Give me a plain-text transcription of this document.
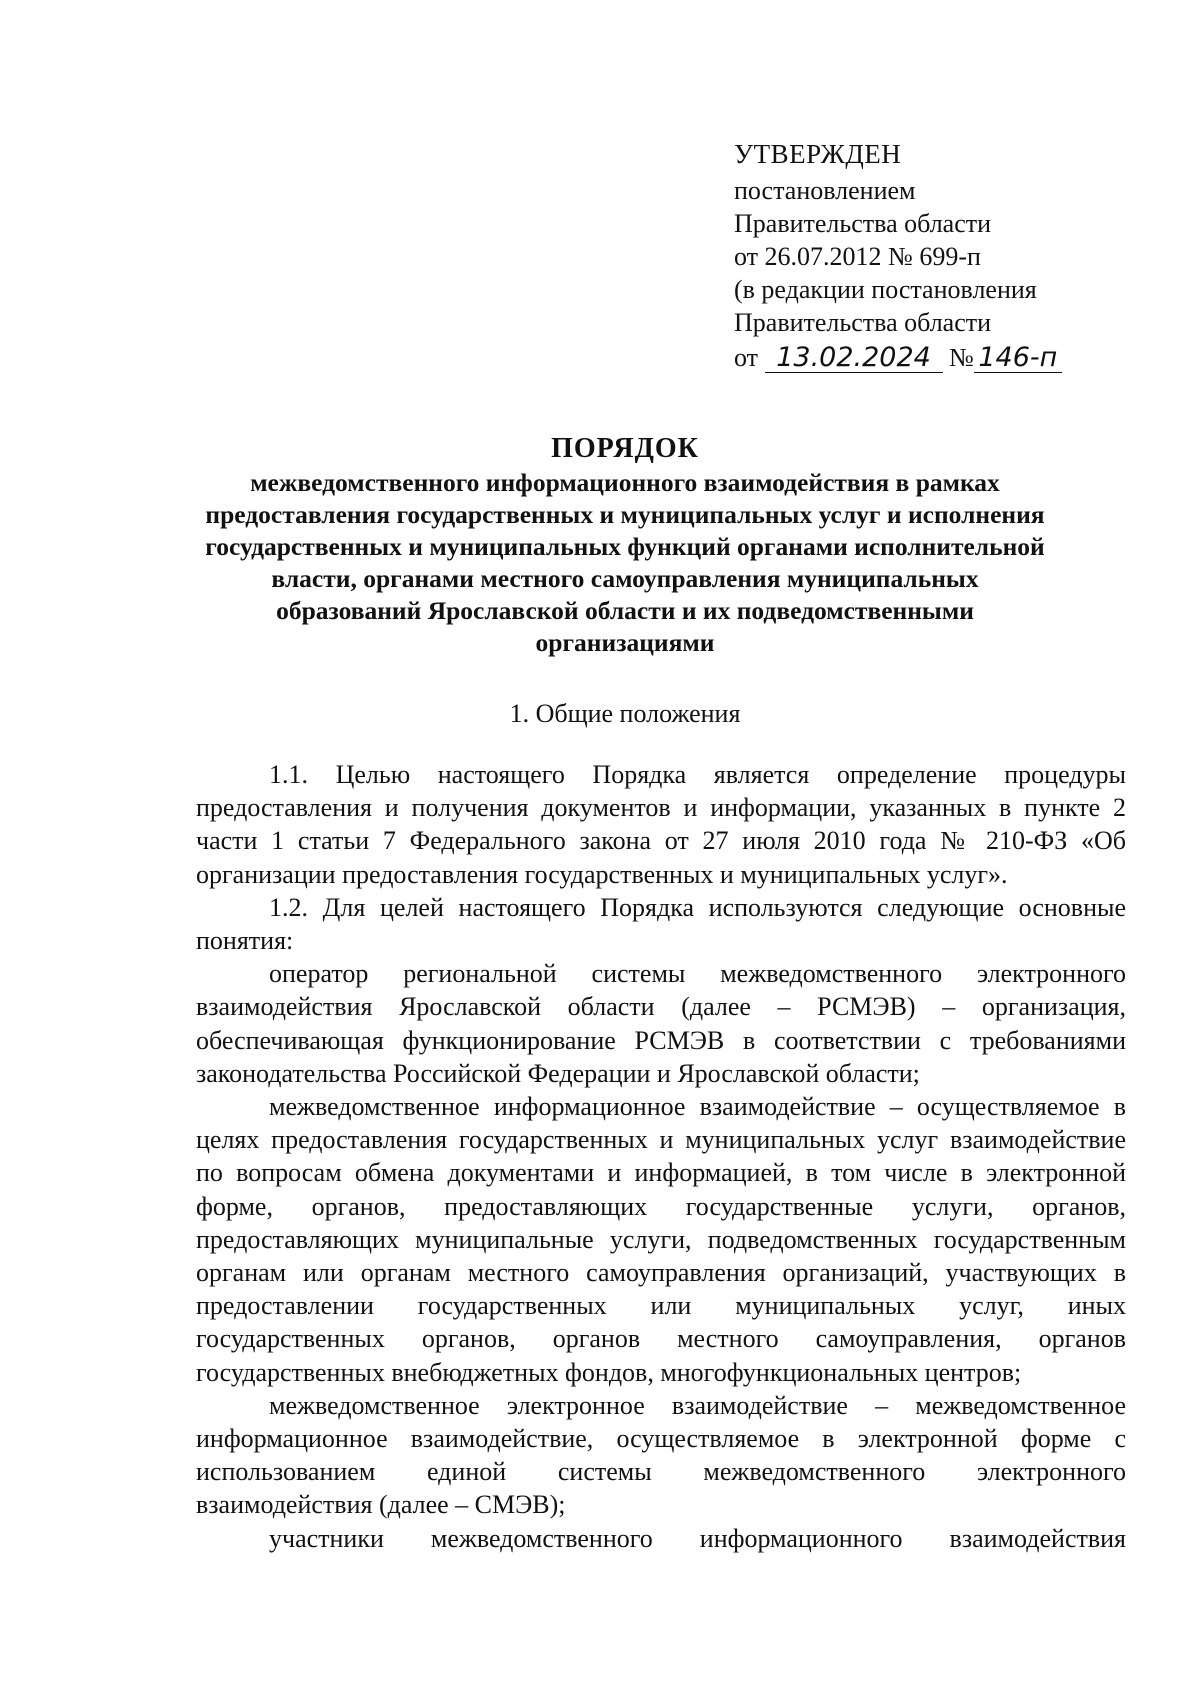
УТВЕРЖДЕН
постановлением
Правительства области
от 26.07.2012 № 699-п
(в редакции постановления
Правительства области
от 13.02.2024 № 146-п
ПОРЯДОК
межведомственного информационного взаимодействия в рамках
предоставления государственных и муниципальных услуг и исполнения
государственных и муниципальных функций органами исполнительной
власти, органами местного самоуправления муниципальных
образований Ярославской области и их подведомственными
организациями
1. Общие положения

1.1. Целью настоящего Порядка является определение процедуры предоставления и получения документов и информации, указанных в пункте 2 части 1 статьи 7 Федерального закона от 27 июля 2010 года № 210-ФЗ «Об организации предоставления государственных и муниципальных услуг».

1.2. Для целей настоящего Порядка используются следующие основные понятия:

оператор региональной системы межведомственного электронного взаимодействия Ярославской области (далее – РСМЭВ) – организация, обеспечивающая функционирование РСМЭВ в соответствии с требованиями законодательства Российской Федерации и Ярославской области;

межведомственное информационное взаимодействие – осуществляемое в целях предоставления государственных и муниципальных услуг взаимодействие по вопросам обмена документами и информацией, в том числе в электронной форме, органов, предоставляющих государственные услуги, органов, предоставляющих муниципальные услуги, подведомственных государственным органам или органам местного самоуправления организаций, участвующих в предоставлении государственных или муниципальных услуг, иных государственных органов, органов местного самоуправления, органов государственных внебюджетных фондов, многофункциональных центров;

межведомственное электронное взаимодействие – межведомственное информационное взаимодействие, осуществляемое в электронной форме с использованием единой системы межведомственного электронного взаимодействия (далее – СМЭВ);

участники межведомственного информационного взаимодействия
